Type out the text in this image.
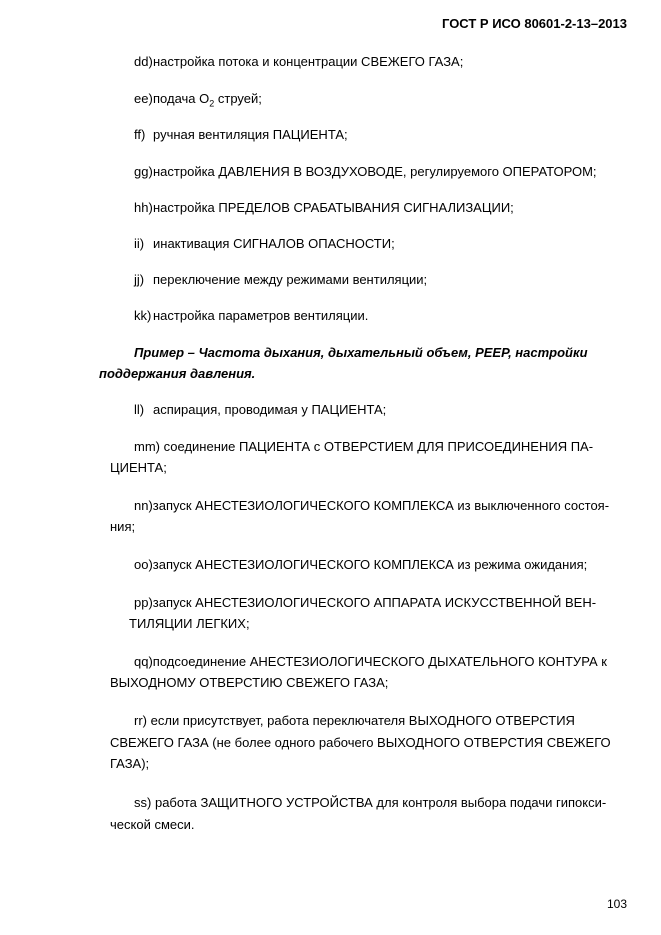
ГОСТ Р ИСО 80601-2-13–2013
dd)настройка потока и концентрации СВЕЖЕГО ГАЗА;
ee)подача $O_2$ струей;
ff) ручная вентиляция ПАЦИЕНТА;
gg)настройка ДАВЛЕНИЯ В ВОЗДУХОВОДЕ, регулируемого ОПЕРАТОРОМ;
hh)настройка ПРЕДЕЛОВ СРАБАТЫВАНИЯ СИГНАЛИЗАЦИИ;
ii) инактивация СИГНАЛОВ ОПАСНОСТИ;
jj) переключение между режимами вентиляции;
kk) настройка параметров вентиляции.
Пример – Частота дыхания, дыхательный объем, PEEP, настройки
поддержания давления.
ll) аспирация, проводимая у ПАЦИЕНТА;
mm) соединение ПАЦИЕНТА с ОТВЕРСТИЕМ ДЛЯ ПРИСОЕДИНЕНИЯ ПА-
ЦИЕНТА;
nn)запуск АНЕСТЕЗИОЛОГИЧЕСКОГО КОМПЛЕКСА из выключенного состоя-
ния;
oo)запуск АНЕСТЕЗИОЛОГИЧЕСКОГО КОМПЛЕКСА из режима ожидания;
pp)запуск АНЕСТЕЗИОЛОГИЧЕСКОГО АППАРАТА ИСКУССТВЕННОЙ ВЕН-
ТИЛЯЦИИ ЛЕГКИХ;
qq)подсоединение АНЕСТЕЗИОЛОГИЧЕСКОГО ДЫХАТЕЛЬНОГО КОНТУРА к
ВЫХОДНОМУ ОТВЕРСТИЮ СВЕЖЕГО ГАЗА;
rr) если присутствует, работа переключателя ВЫХОДНОГО ОТВЕРСТИЯ
СВЕЖЕГО ГАЗА (не более одного рабочего ВЫХОДНОГО ОТВЕРСТИЯ СВЕЖЕГО
ГАЗА);
ss) работа ЗАЩИТНОГО УСТРОЙСТВА для контроля выбора подачи гипокси-
ческой смеси.
103
